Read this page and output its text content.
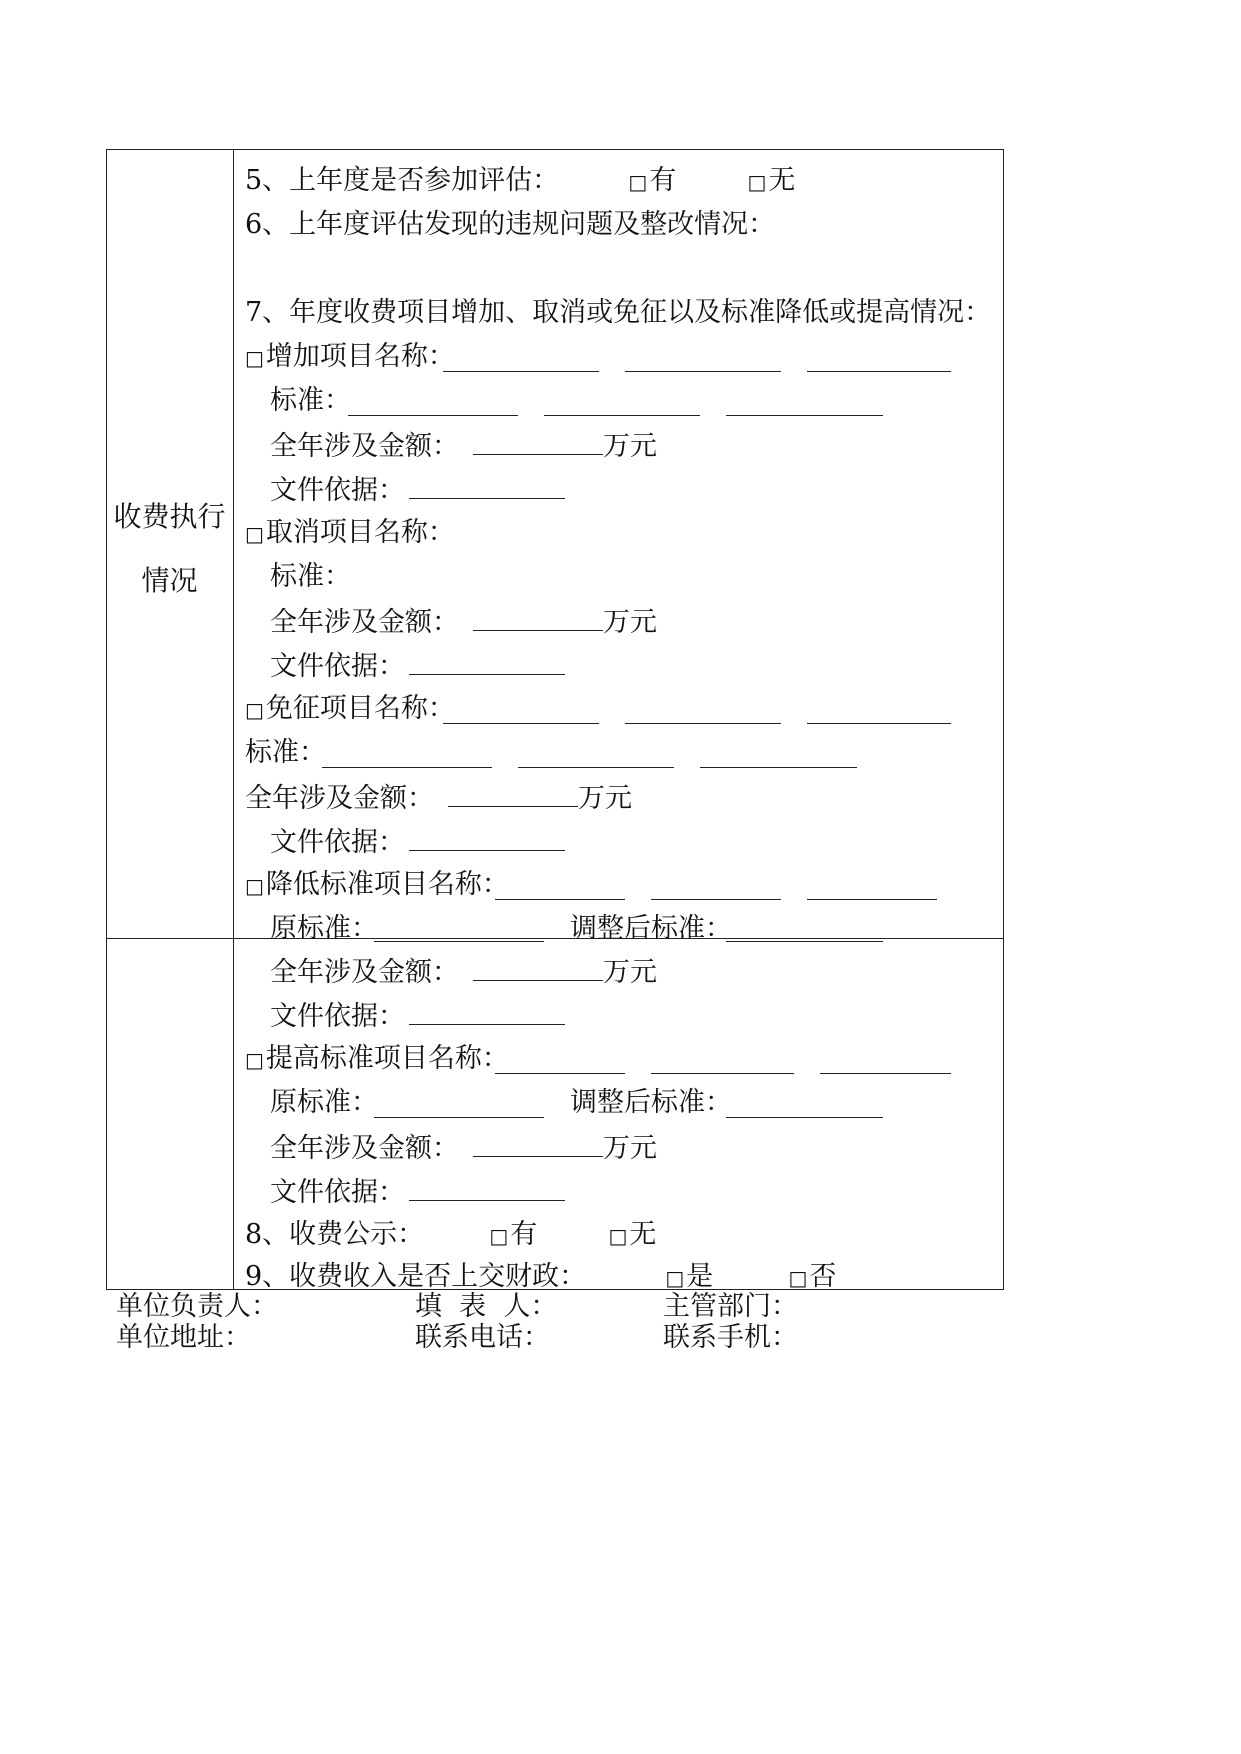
收费执行
情况
5、上年度是否参加评估：	□有	□无
6、上年度评估发现的违规问题及整改情况：
7、年度收费项目增加、取消或免征以及标准降低或提高情况：
□增加项目名称：
标准：
全年涉及金额：	万元
文件依据：
□取消项目名称：
标准：
全年涉及金额：	万元
文件依据：
□免征项目名称：
标准：
全年涉及金额：	万元
文件依据：
□降低标准项目名称：
原标准：	调整后标准：
全年涉及金额：	万元
文件依据：
□提高标准项目名称：
原标准：	调整后标准：
全年涉及金额：	万元
文件依据：
8、收费公示：	□有	□无
9、收费收入是否上交财政：	□是	□否
单位负责人：	填  表  人：	主管部门：
单位地址：	联系电话：	联系手机：
